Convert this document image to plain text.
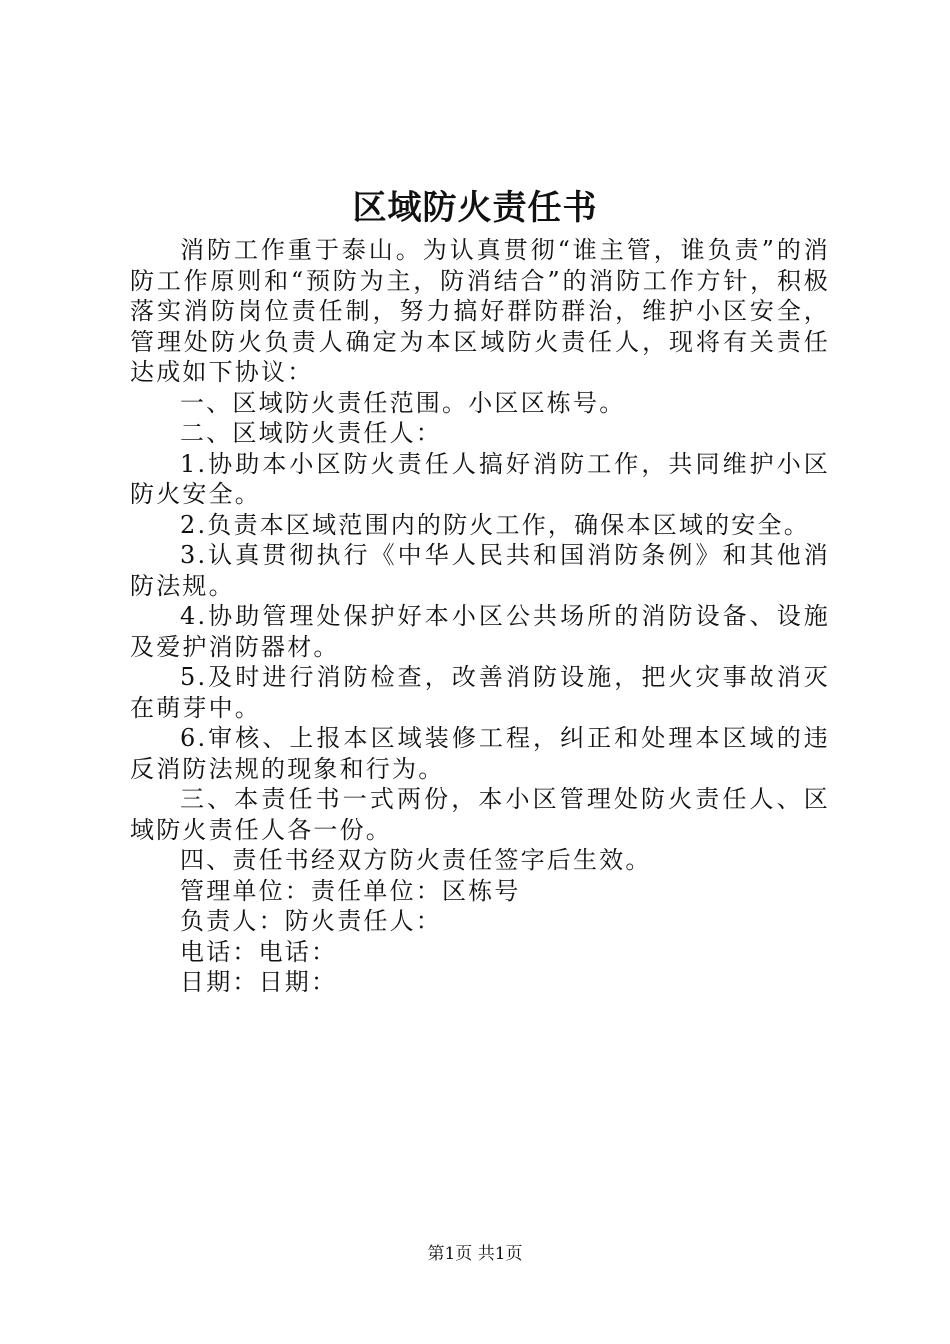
区域防火责任书

消防工作重于泰山。为认真贯彻“谁主管，谁负责”的消防工作原则和“预防为主，防消结合”的消防工作方针，积极落实消防岗位责任制，努力搞好群防群治，维护小区安全，管理处防火负责人确定为本区域防火责任人，现将有关责任达成如下协议：

一、区域防火责任范围。小区区栋号。

二、区域防火责任人：

1.协助本小区防火责任人搞好消防工作，共同维护小区防火安全。

2.负责本区域范围内的防火工作，确保本区域的安全。

3.认真贯彻执行《中华人民共和国消防条例》和其他消防法规。

4.协助管理处保护好本小区公共场所的消防设备、设施及爱护消防器材。

5.及时进行消防检查，改善消防设施，把火灾事故消灭在萌芽中。

6.审核、上报本区域装修工程，纠正和处理本区域的违反消防法规的现象和行为。

三、本责任书一式两份，本小区管理处防火责任人、区域防火责任人各一份。

四、责任书经双方防火责任签字后生效。

管理单位：责任单位：区栋号

负责人：防火责任人：

电话：电话：

日期：日期：

第1页 共1页
